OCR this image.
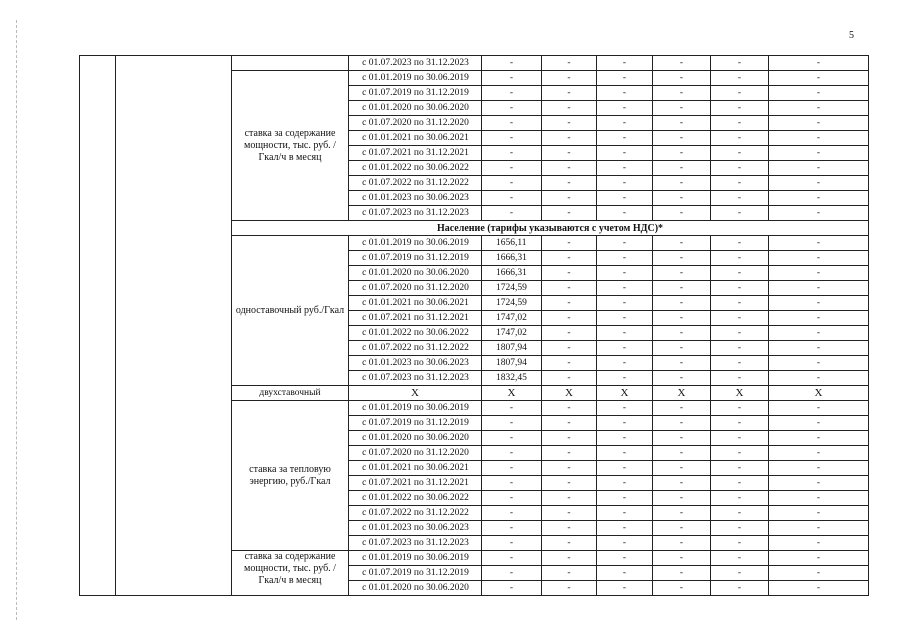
5
			с 01.07.2023 по 31.12.2023	-	-	-	-	-	-
		ставка за содержание мощности, тыс. руб. /Гкал/ч в месяц	с 01.01.2019 по 30.06.2019	-	-	-	-	-	-
			с 01.07.2019 по 31.12.2019	-	-	-	-	-	-
			с 01.01.2020 по 30.06.2020	-	-	-	-	-	-
			с 01.07.2020 по 31.12.2020	-	-	-	-	-	-
			с 01.01.2021 по 30.06.2021	-	-	-	-	-	-
			с 01.07.2021 по 31.12.2021	-	-	-	-	-	-
			с 01.01.2022 по 30.06.2022	-	-	-	-	-	-
			с 01.07.2022 по 31.12.2022	-	-	-	-	-	-
			с 01.01.2023 по 30.06.2023	-	-	-	-	-	-
			с 01.07.2023 по 31.12.2023	-	-	-	-	-	-
		Население (тарифы указываются с учетом НДС)*							
		одноставочный руб./Гкал	с 01.01.2019 по 30.06.2019	1656,11	-	-	-	-	-
			с 01.07.2019 по 31.12.2019	1666,31	-	-	-	-	-
			с 01.01.2020 по 30.06.2020	1666,31	-	-	-	-	-
			с 01.07.2020 по 31.12.2020	1724,59	-	-	-	-	-
			с 01.01.2021 по 30.06.2021	1724,59	-	-	-	-	-
			с 01.07.2021 по 31.12.2021	1747,02	-	-	-	-	-
			с 01.01.2022 по 30.06.2022	1747,02	-	-	-	-	-
			с 01.07.2022 по 31.12.2022	1807,94	-	-	-	-	-
			с 01.01.2023 по 30.06.2023	1807,94	-	-	-	-	-
			с 01.07.2023 по 31.12.2023	1832,45	-	-	-	-	-
		двухставочный	X	X	X	X	X	X	X
		ставка за тепловую энергию, руб./Гкал	с 01.01.2019 по 30.06.2019	-	-	-	-	-	-
			с 01.07.2019 по 31.12.2019	-	-	-	-	-	-
			с 01.01.2020 по 30.06.2020	-	-	-	-	-	-
			с 01.07.2020 по 31.12.2020	-	-	-	-	-	-
			с 01.01.2021 по 30.06.2021	-	-	-	-	-	-
			с 01.07.2021 по 31.12.2021	-	-	-	-	-	-
			с 01.01.2022 по 30.06.2022	-	-	-	-	-	-
			с 01.07.2022 по 31.12.2022	-	-	-	-	-	-
			с 01.01.2023 по 30.06.2023	-	-	-	-	-	-
			с 01.07.2023 по 31.12.2023	-	-	-	-	-	-
		ставка за содержание мощности, тыс. руб. /Гкал/ч в месяц	с 01.01.2019 по 30.06.2019	-	-	-	-	-	-
			с 01.07.2019 по 31.12.2019	-	-	-	-	-	-
			с 01.01.2020 по 30.06.2020	-	-	-	-	-	-
